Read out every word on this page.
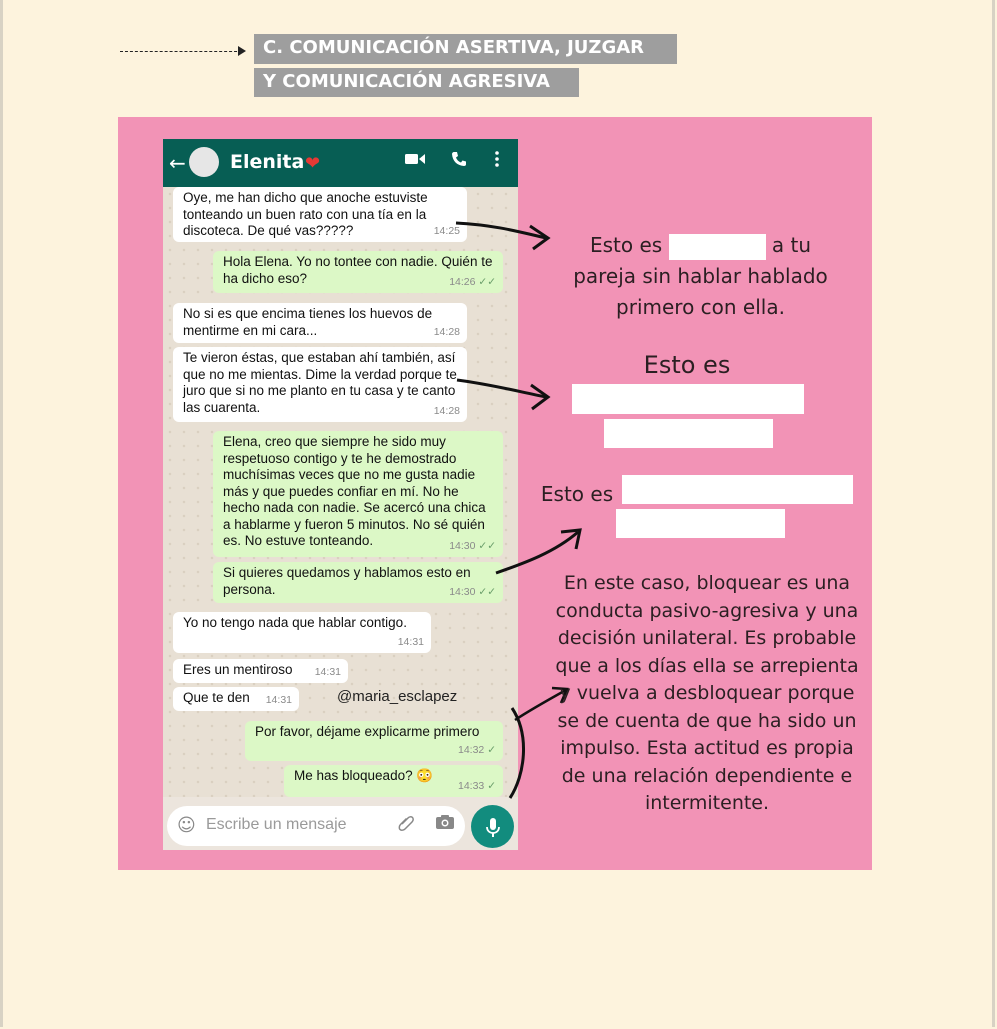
C. COMUNICACIÓN ASERTIVA, JUZGAR
Y COMUNICACIÓN AGRESIVA
← Elenita ❤
Oye, me han dicho que anoche estuviste tonteando un buen rato con una tía en la discoteca. De qué vas?????	14:25
Hola Elena. Yo no tontee con nadie. Quién te ha dicho eso?	14:26 ✓✓
No si es que encima tienes los huevos de mentirme en mi cara...	14:28
Te vieron éstas, que estaban ahí también, así que no me mientas. Dime la verdad porque te juro que si no me planto en tu casa y te canto las cuarenta.	14:28
Elena, creo que siempre he sido muy respetuoso contigo y te he demostrado muchísimas veces que no me gusta nadie más y que puedes confiar en mí. No he hecho nada con nadie. Se acercó una chica a hablarme y fueron 5 minutos. No sé quién es. No estuve tonteando.	14:30 ✓✓
Si quieres quedamos y hablamos esto en persona.	14:30 ✓✓
Yo no tengo nada que hablar contigo.
14:31
Eres un mentiroso 14:31
Que te den 14:31
Por favor, déjame explicarme primero
14:32 ✓
Me has bloqueado? 😳
14:33 ✓
☺ Escribe un mensaje
@maria_esclapez
Esto es	a tu
pareja sin hablar hablado primero con ella.
Esto es
Esto es
En este caso, bloquear es una conducta pasivo-agresiva y una decisión unilateral. Es probable que a los días ella se arrepienta y vuelva a desbloquear porque se de cuenta de que ha sido un impulso. Esta actitud es propia de una relación dependiente e intermitente.
